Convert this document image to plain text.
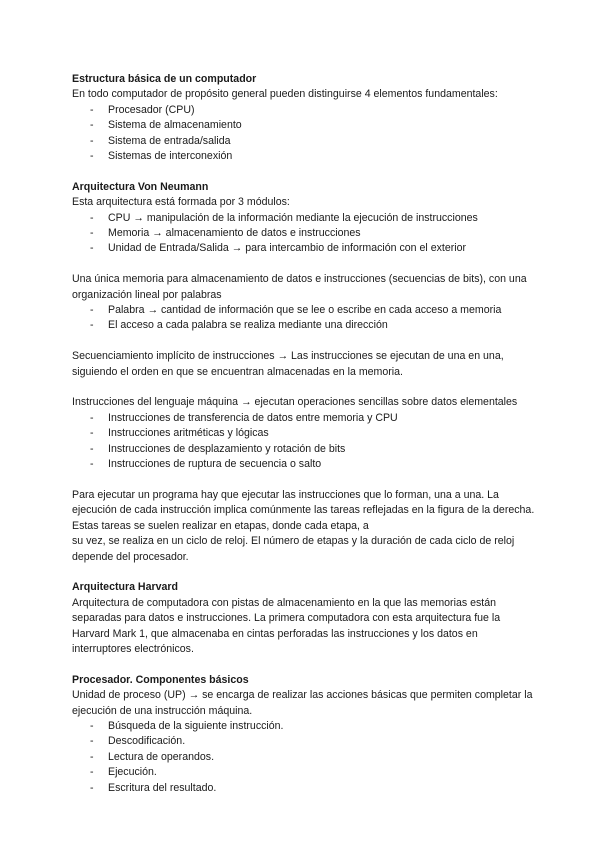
Estructura básica de un computador

En todo computador de propósito general pueden distinguirse 4 elementos fundamentales:

- Procesador (CPU)
- Sistema de almacenamiento
- Sistema de entrada/salida
- Sistemas de interconexión

Arquitectura Von Neumann

Esta arquitectura está formada por 3 módulos:

- CPU → manipulación de la información mediante la ejecución de instrucciones
- Memoria → almacenamiento de datos e instrucciones
- Unidad de Entrada/Salida → para intercambio de información con el exterior

Una única memoria para almacenamiento de datos e instrucciones (secuencias de bits), con una organización lineal por palabras

- Palabra → cantidad de información que se lee o escribe en cada acceso a memoria
- El acceso a cada palabra se realiza mediante una dirección

Secuenciamiento implícito de instrucciones → Las instrucciones se ejecutan de una en una, siguiendo el orden en que se encuentran almacenadas en la memoria.

Instrucciones del lenguaje máquina → ejecutan operaciones sencillas sobre datos elementales

- Instrucciones de transferencia de datos entre memoria y CPU
- Instrucciones aritméticas y lógicas
- Instrucciones de desplazamiento y rotación de bits
- Instrucciones de ruptura de secuencia o salto

Para ejecutar un programa hay que ejecutar las instrucciones que lo forman, una a una. La ejecución de cada instrucción implica comúnmente las tareas reflejadas en la figura de la derecha. Estas tareas se suelen realizar en etapas, donde cada etapa, a

su vez, se realiza en un ciclo de reloj. El número de etapas y la duración de cada ciclo de reloj depende del procesador.

Arquitectura Harvard

Arquitectura de computadora con pistas de almacenamiento en la que las memorias están separadas para datos e instrucciones. La primera computadora con esta arquitectura fue la Harvard Mark 1, que almacenaba en cintas perforadas las instrucciones y los datos en interruptores electrónicos.

Procesador. Componentes básicos

Unidad de proceso (UP) → se encarga de realizar las acciones básicas que permiten completar la ejecución de una instrucción máquina.

- Búsqueda de la siguiente instrucción.
- Descodificación.
- Lectura de operandos.
- Ejecución.
- Escritura del resultado.
